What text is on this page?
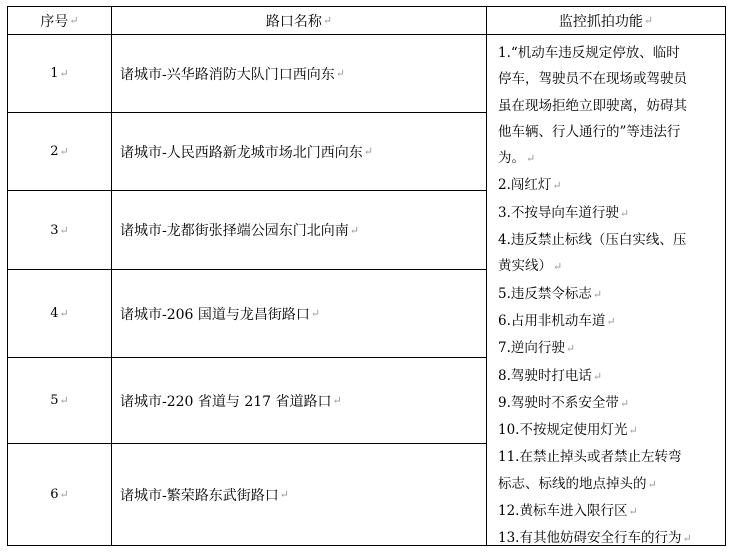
序号 ↵	路口名称 ↵	监控抓拍功能 ↵
1 ↵	诸城市-兴华路消防大队门口西向东 ↵
2 ↵	诸城市-人民西路新龙城市场北门西向东 ↵
3 ↵	诸城市-龙都街张择端公园东门北向南 ↵
4 ↵	诸城市-206 国道与龙昌街路口 ↵
5 ↵	诸城市-220 省道与 217 省道路口 ↵
6 ↵	诸城市-繁荣路东武街路口 ↵
1.“机动车违反规定停放、临时
停车，驾驶员不在现场或驾驶员
虽在现场拒绝立即驶离，妨碍其
他车辆、行人通行的”等违法行
为。↵
2.闯红灯↵
3.不按导向车道行驶↵
4.违反禁止标线（压白实线、压
黄实线）↵
5.违反禁令标志↵
6.占用非机动车道↵
7.逆向行驶↵
8.驾驶时打电话↵
9.驾驶时不系安全带↵
10.不按规定使用灯光↵
11.在禁止掉头或者禁止左转弯
标志、标线的地点掉头的↵
12.黄标车进入限行区↵
13.有其他妨碍安全行车的行为↵
